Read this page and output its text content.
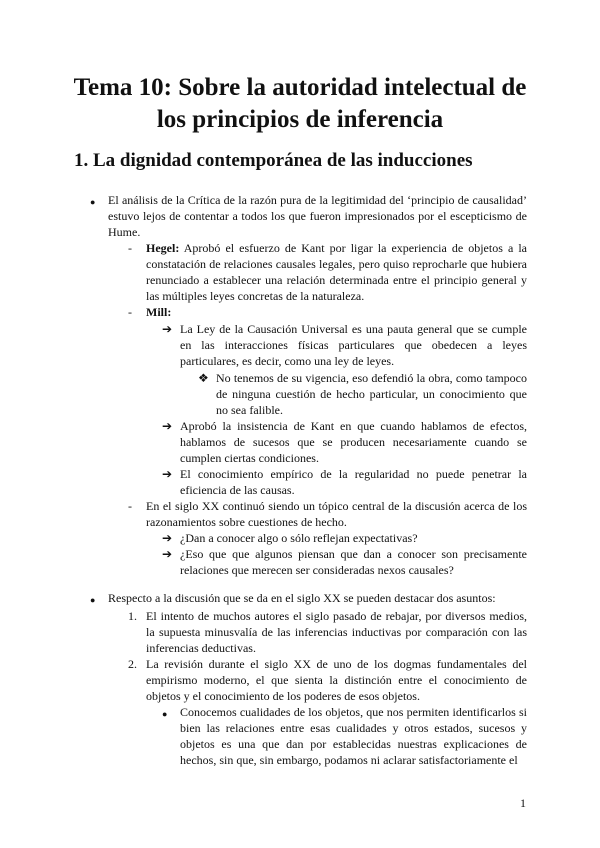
Tema 10: Sobre la autoridad intelectual de
los principios de inferencia
1. La dignidad contemporánea de las inducciones
● El análisis de la Crítica de la razón pura de la legitimidad del ‘principio de causalidad’ estuvo lejos de contentar a todos los que fueron impresionados por el escepticismo de Hume.

- Hegel: Aprobó el esfuerzo de Kant por ligar la experiencia de objetos a la constatación de relaciones causales legales, pero quiso reprocharle que hubiera renunciado a establecer una relación determinada entre el principio general y las múltiples leyes concretas de la naturaleza.

- Mill:

➔ La Ley de la Causación Universal es una pauta general que se cumple en las interacciones físicas particulares que obedecen a leyes particulares, es decir, como una ley de leyes.

❖ No tenemos de su vigencia, eso defendió la obra, como tampoco de ninguna cuestión de hecho particular, un conocimiento que no sea falible.

➔ Aprobó la insistencia de Kant en que cuando hablamos de efectos, hablamos de sucesos que se producen necesariamente cuando se cumplen ciertas condiciones.

➔ El conocimiento empírico de la regularidad no puede penetrar la eficiencia de las causas.

- En el siglo XX continuó siendo un tópico central de la discusión acerca de los razonamientos sobre cuestiones de hecho.

➔ ¿Dan a conocer algo o sólo reflejan expectativas?

➔ ¿Eso que que algunos piensan que dan a conocer son precisamente relaciones que merecen ser consideradas nexos causales?

● Respecto a la discusión que se da en el siglo XX se pueden destacar dos asuntos:

1. El intento de muchos autores el siglo pasado de rebajar, por diversos medios, la supuesta minusvalía de las inferencias inductivas por comparación con las inferencias deductivas.

2. La revisión durante el siglo XX de uno de los dogmas fundamentales del empirismo moderno, el que sienta la distinción entre el conocimiento de objetos y el conocimiento de los poderes de esos objetos.

● Conocemos cualidades de los objetos, que nos permiten identificarlos si bien las relaciones entre esas cualidades y otros estados, sucesos y objetos es una que dan por establecidas nuestras explicaciones de hechos, sin que, sin embargo, podamos ni aclarar satisfactoriamente el

1
